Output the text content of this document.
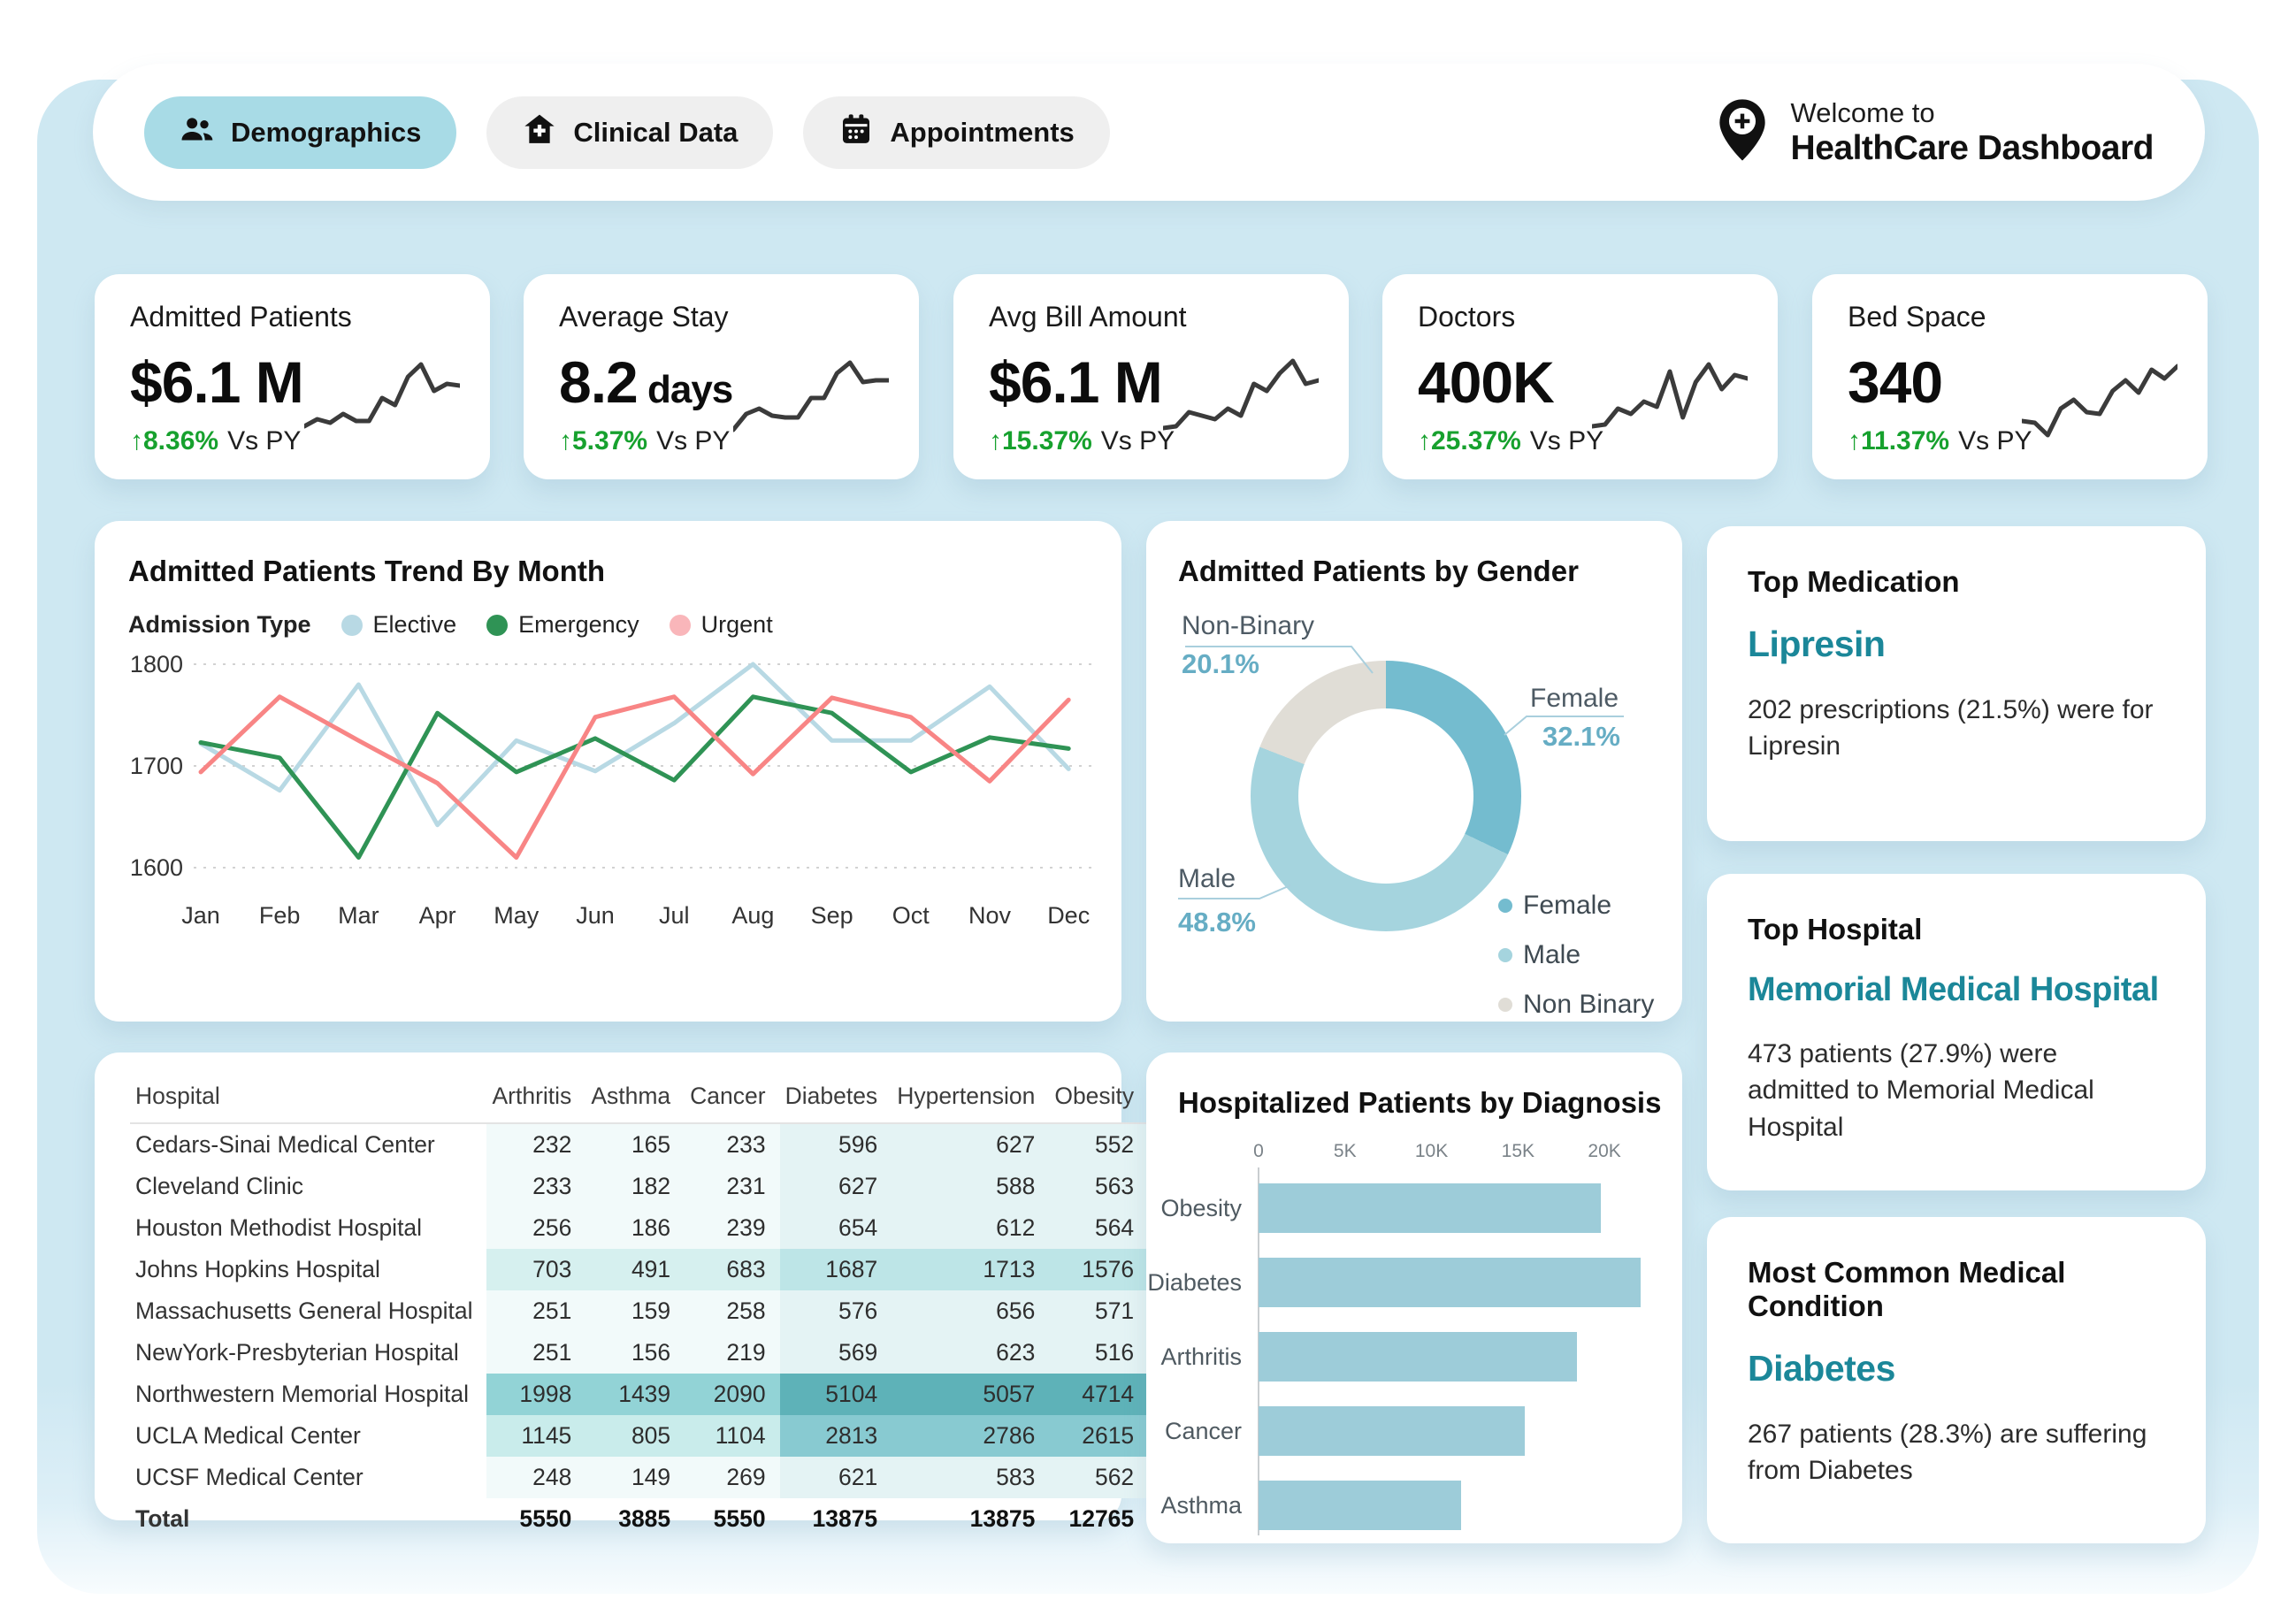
Demographics	Clinical Data	Appointments
Welcome to
HealthCare Dashboard
Admitted Patients
$6.1 M
↑8.36% Vs PY
Average Stay
8.2 days
↑5.37% Vs PY
Avg Bill Amount
$6.1 M
↑15.37% Vs PY
Doctors
400K
↑25.37% Vs PY
Bed Space
340
↑11.37% Vs PY
Admitted Patients Trend By Month
Admission Type	Elective	Emergency	Urgent
1800
1700
1600
Jan Feb Mar Apr May Jun Jul Aug Sep Oct Nov Dec
Admitted Patients by Gender
Non-Binary
20.1%
Female
32.1%
Male
48.8%
Female
Male
Non Binary
Hospital	Arthritis	Asthma	Cancer	Diabetes	Hypertension	Obesity
Cedars-Sinai Medical Center	232	165	233	596	627	552
Cleveland Clinic	233	182	231	627	588	563
Houston Methodist Hospital	256	186	239	654	612	564
Johns Hopkins Hospital	703	491	683	1687	1713	1576
Massachusetts General Hospital	251	159	258	576	656	571
NewYork-Presbyterian Hospital	251	156	219	569	623	516
Northwestern Memorial Hospital	1998	1439	2090	5104	5057	4714
UCLA Medical Center	1145	805	1104	2813	2786	2615
UCSF Medical Center	248	149	269	621	583	562
Total	5550	3885	5550	13875	13875	12765
Hospitalized Patients by Diagnosis
0	5K	10K	15K	20K
Obesity
Diabetes
Arthritis
Cancer
Asthma
Top Medication
Lipresin
202 prescriptions (21.5%) were for Lipresin
Top Hospital
Memorial Medical Hospital
473 patients (27.9%) were admitted to Memorial Medical Hospital
Most Common Medical Condition
Diabetes
267 patients (28.3%) are suffering from Diabetes
